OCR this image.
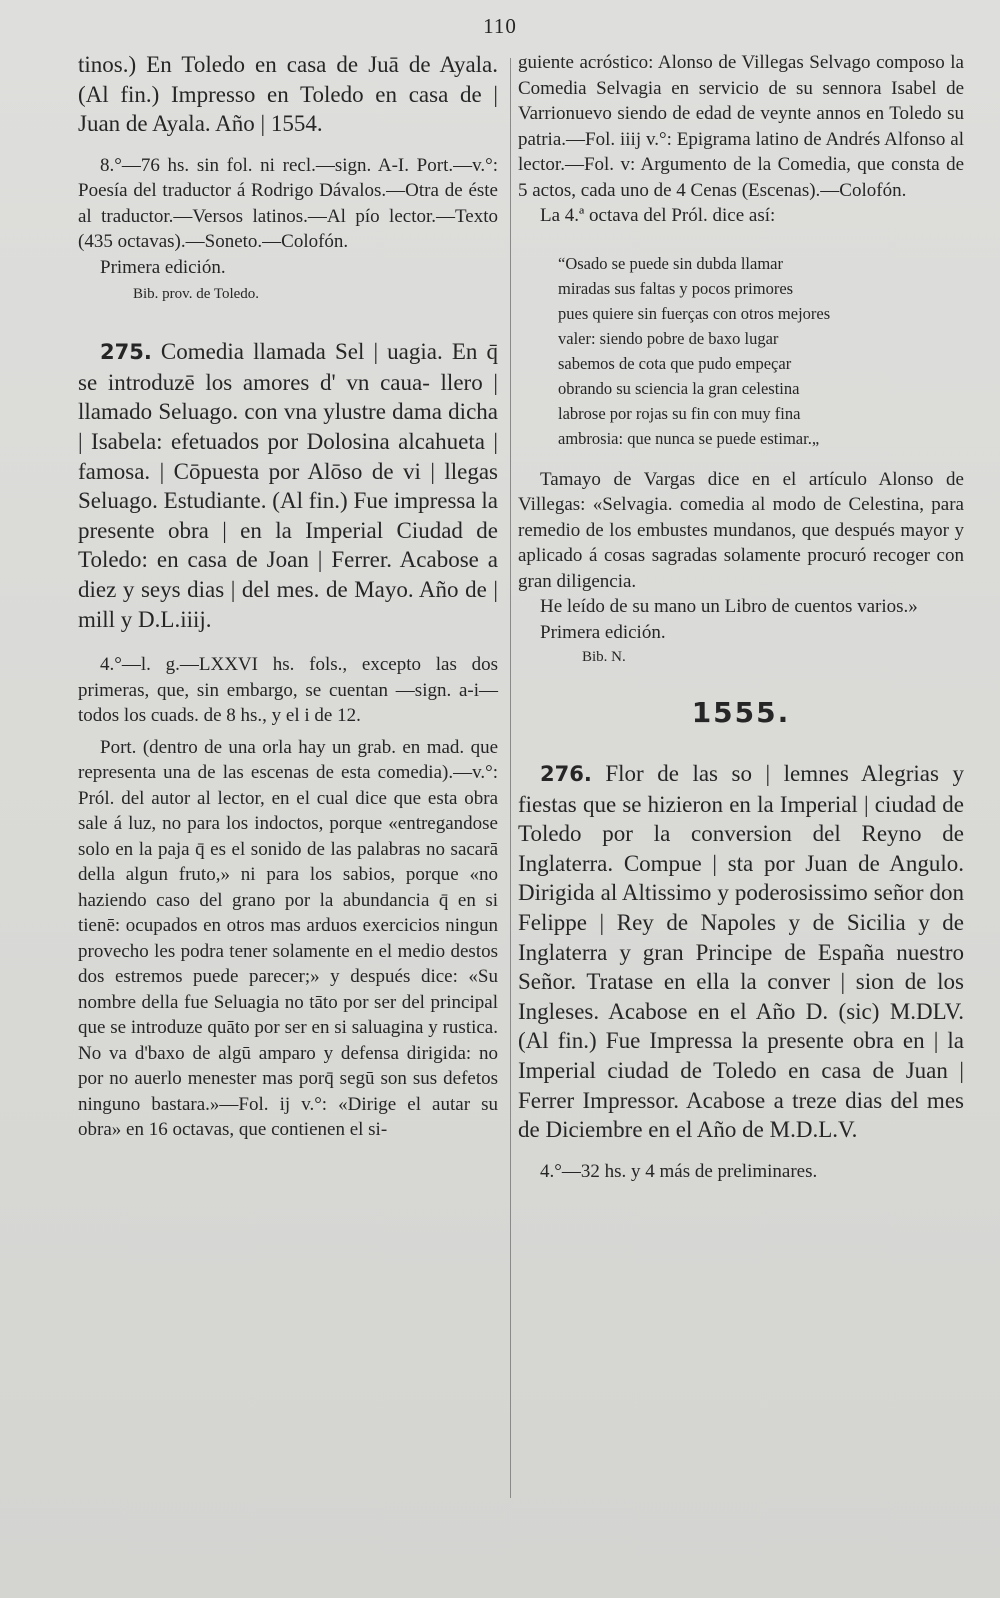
110

tinos.) En Toledo en casa de Juā de Ayala. (Al fin.) Impresso en Toledo en casa de | Juan de Ayala. Año | 1554.

8.°—76 hs. sin fol. ni recl.—sign. A-I. Port.—v.°: Poesía del traductor á Rodrigo Dávalos.—Otra de éste al traductor.—Versos latinos.—Al pío lector.—Texto (435 octavas).—Soneto.—Colofón.

Primera edición.

Bib. prov. de Toledo.

275. Comedia llamada Sel | uagia. En q̄ se introduzē los amores d' vn caua- llero | llamado Seluago. con vna ylustre dama dicha | Isabela: efetuados por Dolosina alcahueta | famosa. | Cōpuesta por Alōso de vi | llegas Seluago. Estudiante. (Al fin.) Fue impressa la presente obra | en la Imperial Ciudad de Toledo: en casa de Joan | Ferrer. Acabose a diez y seys dias | del mes. de Mayo. Año de | mill y D.L.iiij.

4.°—l. g.—LXXVI hs. fols., excepto las dos primeras, que, sin embargo, se cuentan —sign. a-i—todos los cuads. de 8 hs., y el i de 12.

Port. (dentro de una orla hay un grab. en mad. que representa una de las escenas de esta comedia).—v.°: Pról. del autor al lector, en el cual dice que esta obra sale á luz, no para los indoctos, porque «entregandose solo en la paja q̄ es el sonido de las palabras no sacarā della algun fruto,» ni para los sabios, porque «no haziendo caso del grano por la abundancia q̄ en si tienē: ocupados en otros mas arduos exercicios ningun provecho les podra tener solamente en el medio destos dos estremos puede parecer;» y después dice: «Su nombre della fue Seluagia no tāto por ser del principal que se introduze quāto por ser en si saluagina y rustica. No va d'baxo de algū amparo y defensa dirigida: no por no auerlo menester mas porq̄ segū son sus defetos ninguno bastara.»—Fol. ij v.°: «Dirige el autar su obra» en 16 octavas, que contienen el si-

guiente acróstico: Alonso de Villegas Selvago composo la Comedia Selvagia en servicio de su sennora Isabel de Varrionuevo siendo de edad de veynte annos en Toledo su patria.—Fol. iiij v.°: Epigrama latino de Andrés Alfonso al lector.—Fol. v: Argumento de la Comedia, que consta de 5 actos, cada uno de 4 Cenas (Escenas).—Colofón.

La 4.ª octava del Pról. dice así:

“Osado se puede sin dubda llamar
miradas sus faltas y pocos primores
pues quiere sin fuerças con otros mejores
valer: siendo pobre de baxo lugar
sabemos de cota que pudo empeçar
obrando su sciencia la gran celestina
labrose por rojas su fin con muy fina
ambrosia: que nunca se puede estimar.„

Tamayo de Vargas dice en el artículo Alonso de Villegas: «Selvagia. comedia al modo de Celestina, para remedio de los embustes mundanos, que después mayor y aplicado á cosas sagradas solamente procuró recoger con gran diligencia.

He leído de su mano un Libro de cuentos varios.»

Primera edición.

Bib. N.

1555.

276. Flor de las so | lemnes Alegrias y fiestas que se hizieron en la Imperial | ciudad de Toledo por la conversion del Reyno de Inglaterra. Compue | sta por Juan de Angulo. Dirigida al Altissimo y poderosissimo señor don Felippe | Rey de Napoles y de Sicilia y de Inglaterra y gran Principe de España nuestro Señor. Tratase en ella la conver | sion de los Ingleses. Acabose en el Año D. (sic) M.DLV. (Al fin.) Fue Impressa la presente obra en | la Imperial ciudad de Toledo en casa de Juan | Ferrer Impressor. Acabose a treze dias del mes de Diciembre en el Año de M.D.L.V.

4.°—32 hs. y 4 más de preliminares.
